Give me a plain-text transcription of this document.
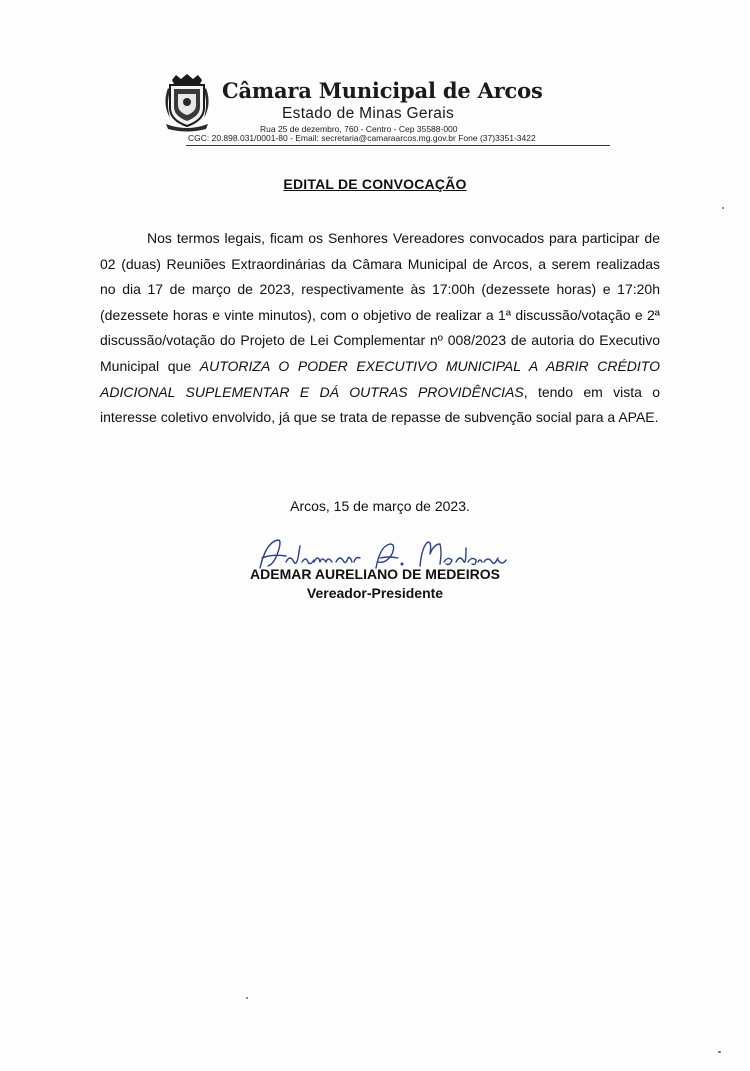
Câmara Municipal de Arcos
Estado de Minas Gerais
Rua 25 de dezembro, 760 - Centro - Cep 35588-000
CGC: 20.898.031/0001-80 - Email: secretaria@camaraarcos.mg.gov.br Fone (37)3351-3422
EDITAL DE CONVOCAÇÃO

Nos termos legais, ficam os Senhores Vereadores convocados para participar de 02 (duas) Reuniões Extraordinárias da Câmara Municipal de Arcos, a serem realizadas no dia 17 de março de 2023, respectivamente às 17:00h (dezessete horas) e 17:20h (dezessete horas e vinte minutos), com o objetivo de realizar a 1ª discussão/votação e 2ª discussão/votação do Projeto de Lei Complementar nº 008/2023 de autoria do Executivo Municipal que AUTORIZA O PODER EXECUTIVO MUNICIPAL A ABRIR CRÉDITO ADICIONAL SUPLEMENTAR E DÁ OUTRAS PROVIDÊNCIAS, tendo em vista o interesse coletivo envolvido, já que se trata de repasse de subvenção social para a APAE.

Arcos, 15 de março de 2023.
ADEMAR AURELIANO DE MEDEIROS
Vereador-Presidente
